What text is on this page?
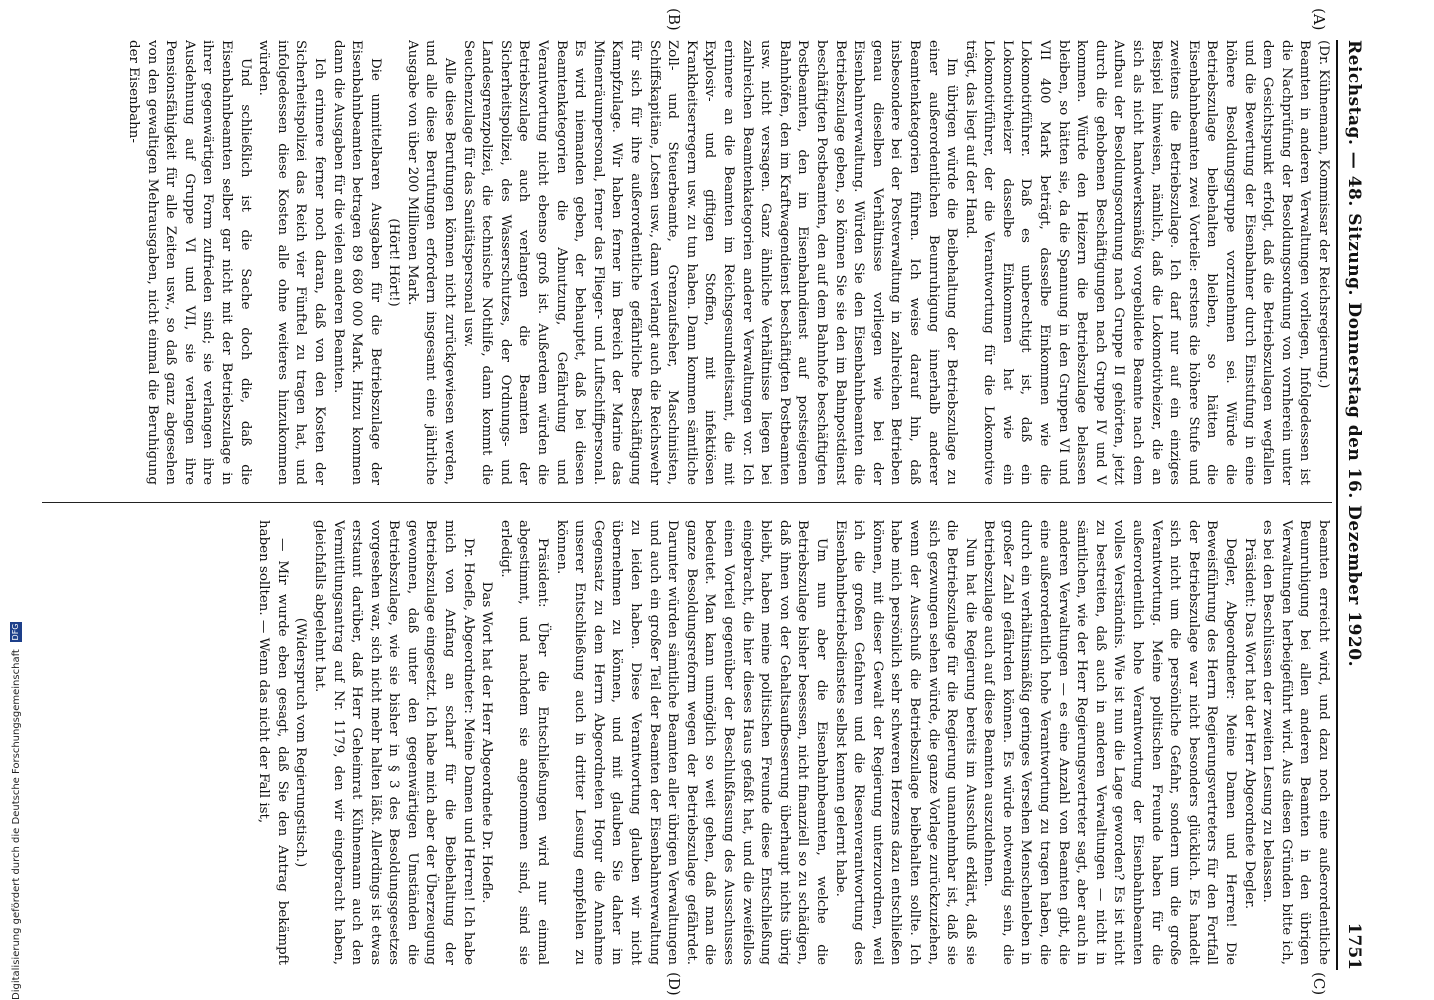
Reichstag. — 48. Sitzung. Donnerstag den 16. Dezember 1920.
1751
(A)
(B)
(C)
(D)

(Dr. Kühnemann, Kommissar der Reichsregierung.)

Beamten in anderen Verwaltungen vorliegen, Infolgedessen ist die Nachprüfung der Besoldungsordnung von vornherein unter dem Gesichtspunkt erfolgt, daß die Betriebszulagen wegfallen und die Bewertung der Eisenbahner durch Einstufung in eine höhere Besoldungsgruppe vorzunehmen sei. Würde die Betriebszulage beibehalten bleiben, so hätten die Eisenbahnbeamten zwei Vorteile: erstens die höhere Stufe und zweitens die Betriebszulage. Ich darf nur auf ein einziges Beispiel hinweisen, nämlich, daß die Lokomotivheizer, die an sich als nicht handwerksmäßig vorgebildete Beamte nach dem Aufbau der Besoldungsordnung nach Gruppe II gehörten, jetzt durch die gehobenen Beschäftigungen nach Gruppe IV und V kommen. Würde den Heizern die Betriebszulage belassen bleiben, so hätten sie, da die Spannung in den Gruppen VI und VII 400 Mark beträgt, dasselbe Einkommen wie die Lokomotivführer. Daß es unberechtigt ist, daß ein Lokomotivheizer dasselbe Einkommen hat wie ein Lokomotivführer, der die Verantwortung für die Lokomotive trägt, das liegt auf der Hand.

Im übrigen würde die Beibehaltung der Betriebszulage zu einer außerordentlichen Beunruhigung innerhalb anderer Beamtenkategorien führen. Ich weise darauf hin, daß insbesondere bei der Postverwaltung in zahlreichen Betrieben genau dieselben Verhältnisse vorliegen wie bei der Eisenbahnverwaltung. Würden Sie den Eisenbahnbeamten die Betriebszulage geben, so können Sie sie den im Bahnpostdienst beschäftigten Postbeamten, den auf dem Bahnhofe beschäftigten Postbeamten, den im Eisenbahndienst auf postseigenen Bahnhöfen, den im Kraftwagendienst beschäftigten Postbeamten usw. nicht versagen. Ganz ähnliche Verhältnisse liegen bei zahlreichen Beamtenkategorien anderer Verwaltungen vor. Ich erinnere an die Beamten im Reichsgesundheitsamt, die mit Explosiv- und giftigen Stoffen, mit infektiösen Krankheitserregern usw. zu tun haben. Dann kommen sämtliche Zoll- und Steuerbeamte, Grenzaufseher, Maschinisten, Schiffskapitäne, Lotsen usw., dann verlangt auch die Reichswehr für sich für ihre außerordentliche gefährliche Beschäftigung Kampfzulage. Wir haben ferner im Bereich der Marine das Minenräumpersonal, ferner das Flieger- und Luftschiffpersonal. Es wird niemanden geben, der behauptet, daß bei diesen Beamtenkategorien die Abnutzung, Gefährdung und Verantwortung nicht ebenso groß ist. Außerdem würden die Betriebszulage auch verlangen die Beamten der Sicherheitspolizei, des Wasserschutzes, der Ordnungs- und Landesgrenzpolizei, die technische Nothilfe, dann kommt die Seuchenzulage für das Sanitätspersonal usw.

Alle diese Berufungen können nicht zurückgewiesen werden, und alle diese Berufungen erfordern insgesamt eine jährliche Ausgabe von über 200 Millionen Mark.

(Hört! Hört!)

Die unmittelbaren Ausgaben für die Betriebszulage der Eisenbahnbeamten betragen 89 680 000 Mark. Hinzu kommen dann die Ausgaben für die vielen anderen Beamten.

Ich erinnere ferner noch daran, daß von den Kosten der Sicherheitspolizei das Reich vier Fünftel zu tragen hat, und infolgedessen diese Kosten alle ohne weiteres hinzukommen würden.

Und schließlich ist die Sache doch die, daß die Eisenbahnbeamten selber gar nicht mit der Betriebszulage in ihrer gegenwärtigen Form zufrieden sind; sie verlangen ihre Ausdehnung auf Gruppe VI und VII, sie verlangen ihre Pensionsfähigkeit für alle Zeiten usw., so daß ganz abgesehen von den gewaltigen Mehrausgaben, nicht einmal die Beruhigung der Eisenbahn-

beamten erreicht wird, und dazu noch eine außerordentliche Beunruhigung bei allen anderen Beamten in den übrigen Verwaltungen herbeigeführt wird. Aus diesen Gründen bitte ich, es bei den Beschlüssen der zweiten Lesung zu belassen.

Präsident: Das Wort hat der Herr Abgeordnete Degler.

Degler, Abgeordneter: Meine Damen und Herren! Die Beweisführung des Herrn Regierungsvertreters für den Fortfall der Betriebszulage war nicht besonders glücklich. Es handelt sich nicht um die persönliche Gefahr, sondern um die große Verantwortung. Meine politischen Freunde haben für die außerordentlich hohe Verantwortung der Eisenbahnbeamten volles Verständnis. Wie ist nun die Lage geworden? Es ist nicht zu bestreiten, daß auch in anderen Verwaltungen — nicht in sämtlichen, wie der Herr Regierungsvertreter sagt, aber auch in anderen Verwaltungen — es eine Anzahl von Beamten gibt, die eine außerordentlich hohe Verantwortung zu tragen haben, die durch ein verhältnismäßig geringes Versehen Menschenleben in großer Zahl gefährden können. Es würde notwendig sein, die Betriebszulage auch auf diese Beamten auszudehnen.

Nun hat die Regierung bereits im Ausschuß erklärt, daß sie die Betriebszulage für die Regierung unannehmbar ist, daß sie sich gezwungen sehen würde, die ganze Vorlage zurückzuziehen, wenn der Ausschuß die Betriebszulage beibehalten sollte. Ich habe mich persönlich sehr schweren Herzens dazu entschließen können, mit dieser Gewalt der Regierung unterzuordnen, weil ich die großen Gefahren und die Riesenverantwortung des Eisenbahnbetriebsdienstes selbst kennen gelernt habe.

Um nun aber die Eisenbahnbeamten, welche die Betriebszulage bisher besessen, nicht finanziell so zu schädigen, daß ihnen von der Gehaltsaufbesserung überhaupt nichts übrig bleibt, haben meine politischen Freunde diese Entschließung eingebracht, die hier dieses Haus gefaßt hat, und die zweifellos einen Vorteil gegenüber der Beschlußfassung des Ausschusses bedeutet. Man kann unmöglich so weit gehen, daß man die ganze Besoldungsreform wegen der Betriebszulage gefährdet. Darunter würden sämtliche Beamten aller übrigen Verwaltungen und auch ein großer Teil der Beamten der Eisenbahnverwaltung zu leiden haben. Diese Verantwortung glauben wir nicht übernehmen zu können, und mit glauben Sie daher im Gegensatz zu dem Herrn Abgeordneten Hogur die Annahme unserer Entschließung auch in dritter Lesung empfehlen zu können.

Präsident: Über die Entschließungen wird nur einmal abgestimmt, und nachdem sie angenommen sind, sind sie erledigt.

Das Wort hat der Herr Abgeordnete Dr. Hoefle.

Dr. Hoefle, Abgeordneter: Meine Damen und Herren! Ich habe mich von Anfang an scharf für die Beibehaltung der Betriebszulage eingesetzt. Ich habe mich aber der Überzeugung gewonnen, daß unter den gegenwärtigen Umständen die Betriebszulage, wie sie bisher in § 3 des Besoldungsgesetzes vorgesehen war, sich nicht mehr halten läßt. Allerdings ist etwas erstaunt darüber, daß Herr Geheimrat Kühnemann auch den Vermittlungsantrag auf Nr. 1179, den wir eingebracht haben, gleichfalls abgelehnt hat.

(Widerspruch vom Regierungstisch.)

— Mir wurde eben gesagt, daß Sie den Antrag bekämpft haben sollten. — Wenn das nicht der Fall ist,

Digitalisierung gefördert durch die Deutsche Forschungsgemeinschaft DFG
